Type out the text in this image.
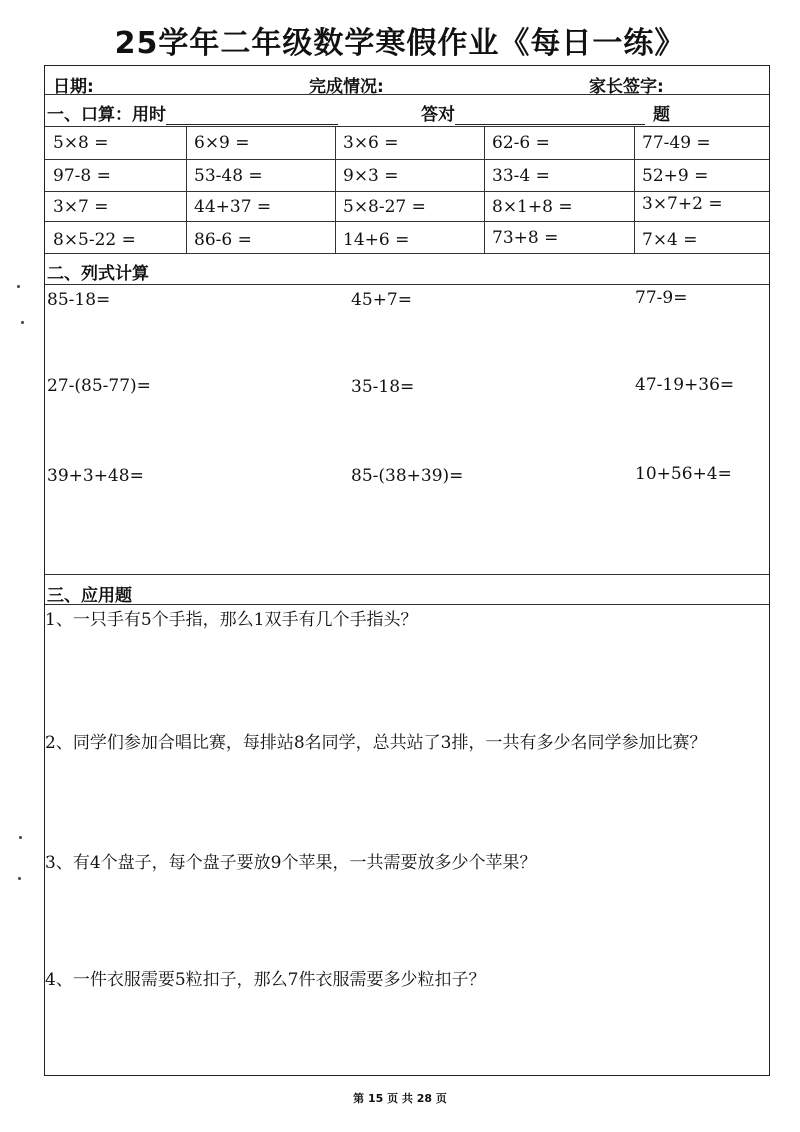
25学年二年级数学寒假作业《每日一练》
日期:	完成情况:	家长签字:
一、口算：用时	答对	题
5×8 =	6×9 =	3×6 =	62-6 =	77-49 =
97-8 =	53-48 =	9×3 =	33-4 =	52+9 =
3×7 =	44+37 =	5×8-27 =	8×1+8 =	3×7+2 =
8×5-22 =	86-6 =	14+6 =	73+8 =	7×4 =
二、列式计算
85-18=	45+7=	77-9=
27-(85-77)=	35-18=	47-19+36=
39+3+48=	85-(38+39)=	10+56+4=
三、应用题
1、一只手有5个手指，那么1双手有几个手指头？
2、同学们参加合唱比赛，每排站8名同学，总共站了3排，一共有多少名同学参加比赛？
3、有4个盘子，每个盘子要放9个苹果，一共需要放多少个苹果？
4、一件衣服需要5粒扣子，那么7件衣服需要多少粒扣子？
第 15 页 共 28 页
